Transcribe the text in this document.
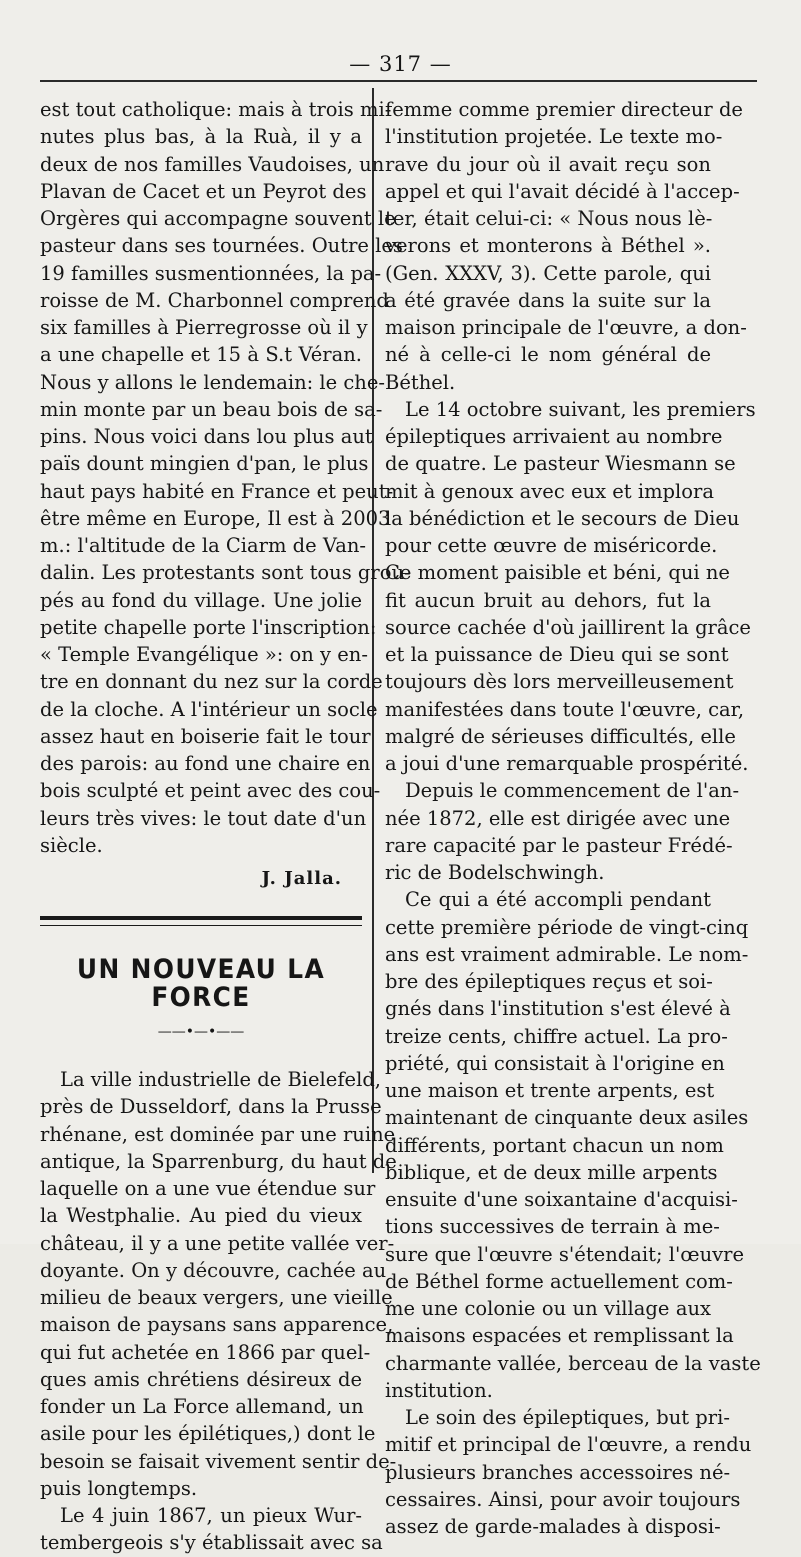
— 317 —
est tout catholique: mais à trois mi-
nutes plus bas, à la Ruà, il y a
deux de nos familles Vaudoises, un
Plavan de Cacet et un Peyrot des
Orgères qui accompagne souvent le
pasteur dans ses tournées. Outre les
19 familles susmentionnées, la pa-
roisse de M. Charbonnel comprend
six familles à Pierregrosse où il y
a une chapelle et 15 à S.t Véran.
Nous y allons le lendemain: le che-
min monte par un beau bois de sa-
pins. Nous voici dans lou plus aut
païs dount mingien d'pan, le plus
haut pays habité en France et peut-
être même en Europe, Il est à 2003
m.: l'altitude de la Ciarm de Van-
dalin. Les protestants sont tous grou-
pés au fond du village. Une jolie
petite chapelle porte l'inscription:
« Temple Evangélique »: on y en-
tre en donnant du nez sur la corde
de la cloche. A l'intérieur un socle
assez haut en boiserie fait le tour
des parois: au fond une chaire en
bois sculpté et peint avec des cou-
leurs très vives: le tout date d'un
siècle.
J. Jalla.
UN NOUVEAU LA FORCE
——•—•——
La ville industrielle de Bielefeld,
près de Dusseldorf, dans la Prusse
rhénane, est dominée par une ruine
antique, la Sparrenburg, du haut de
laquelle on a une vue étendue sur
la Westphalie. Au pied du vieux
château, il y a une petite vallée ver-
doyante. On y découvre, cachée au
milieu de beaux vergers, une vieille
maison de paysans sans apparence,
qui fut achetée en 1866 par quel-
ques amis chrétiens désireux de
fonder un La Force allemand, un
asile pour les épilétiques,) dont le
besoin se faisait vivement sentir de-
puis longtemps.
Le 4 juin 1867, un pieux Wur-
tembergeois s'y établissait avec sa
femme comme premier directeur de
l'institution projetée. Le texte mo-
rave du jour où il avait reçu son
appel et qui l'avait décidé à l'accep-
ter, était celui-ci: « Nous nous lè-
verons et monterons à Béthel ».
(Gen. XXXV, 3). Cette parole, qui
a été gravée dans la suite sur la
maison principale de l'œuvre, a don-
né à celle-ci le nom général de
Béthel.
Le 14 octobre suivant, les premiers
épileptiques arrivaient au nombre
de quatre. Le pasteur Wiesmann se
mit à genoux avec eux et implora
la bénédiction et le secours de Dieu
pour cette œuvre de miséricorde.
Ce moment paisible et béni, qui ne
fit aucun bruit au dehors, fut la
source cachée d'où jaillirent la grâce
et la puissance de Dieu qui se sont
toujours dès lors merveilleusement
manifestées dans toute l'œuvre, car,
malgré de sérieuses difficultés, elle
a joui d'une remarquable prospérité.
Depuis le commencement de l'an-
née 1872, elle est dirigée avec une
rare capacité par le pasteur Frédé-
ric de Bodelschwingh.
Ce qui a été accompli pendant
cette première période de vingt-cinq
ans est vraiment admirable. Le nom-
bre des épileptiques reçus et soi-
gnés dans l'institution s'est élevé à
treize cents, chiffre actuel. La pro-
priété, qui consistait à l'origine en
une maison et trente arpents, est
maintenant de cinquante deux asiles
différents, portant chacun un nom
biblique, et de deux mille arpents
ensuite d'une soixantaine d'acquisi-
tions successives de terrain à me-
sure que l'œuvre s'étendait; l'œuvre
de Béthel forme actuellement com-
me une colonie ou un village aux
maisons espacées et remplissant la
charmante vallée, berceau de la vaste
institution.
Le soin des épileptiques, but pri-
mitif et principal de l'œuvre, a rendu
plusieurs branches accessoires né-
cessaires. Ainsi, pour avoir toujours
assez de garde-malades à disposi-
